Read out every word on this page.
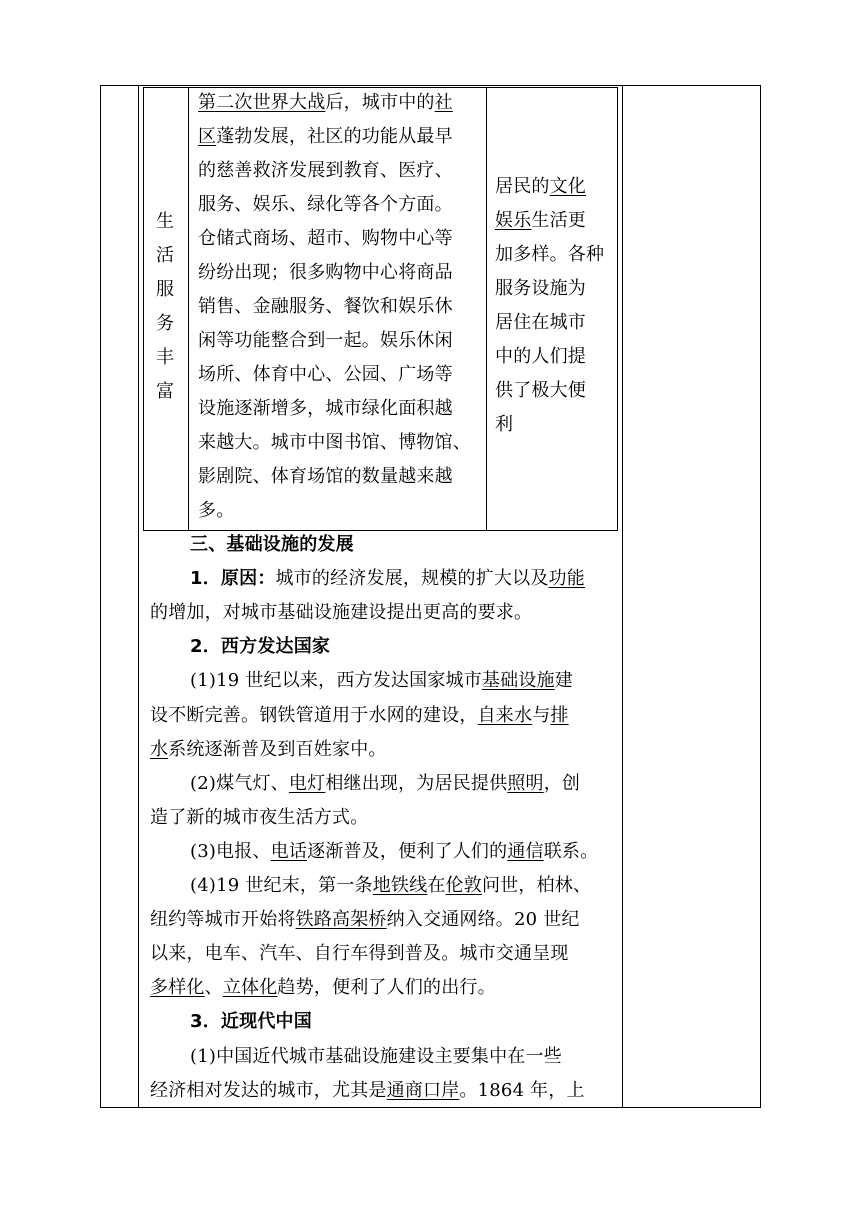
生
活
服
务
丰
富
第二次世界大战后，城市中的社
区蓬勃发展，社区的功能从最早
的慈善救济发展到教育、医疗、
服务、娱乐、绿化等各个方面。
仓储式商场、超市、购物中心等
纷纷出现；很多购物中心将商品
销售、金融服务、餐饮和娱乐休
闲等功能整合到一起。娱乐休闲
场所、体育中心、公园、广场等
设施逐渐增多，城市绿化面积越
来越大。城市中图书馆、博物馆、
影剧院、体育场馆的数量越来越
多。
居民的文化
娱乐生活更
加多样。各种
服务设施为
居住在城市
中的人们提
供了极大便
利
三、基础设施的发展
1．原因：城市的经济发展，规模的扩大以及功能
的增加，对城市基础设施建设提出更高的要求。
2．西方发达国家
(1)19 世纪以来，西方发达国家城市基础设施建
设不断完善。钢铁管道用于水网的建设，自来水与排
水系统逐渐普及到百姓家中。
(2)煤气灯、电灯相继出现，为居民提供照明，创
造了新的城市夜生活方式。
(3)电报、电话逐渐普及，便利了人们的通信联系。
(4)19 世纪末，第一条地铁线在伦敦问世，柏林、
纽约等城市开始将铁路高架桥纳入交通网络。20 世纪
以来，电车、汽车、自行车得到普及。城市交通呈现
多样化、立体化趋势，便利了人们的出行。
3．近现代中国
(1)中国近代城市基础设施建设主要集中在一些
经济相对发达的城市，尤其是通商口岸。1864 年，上
